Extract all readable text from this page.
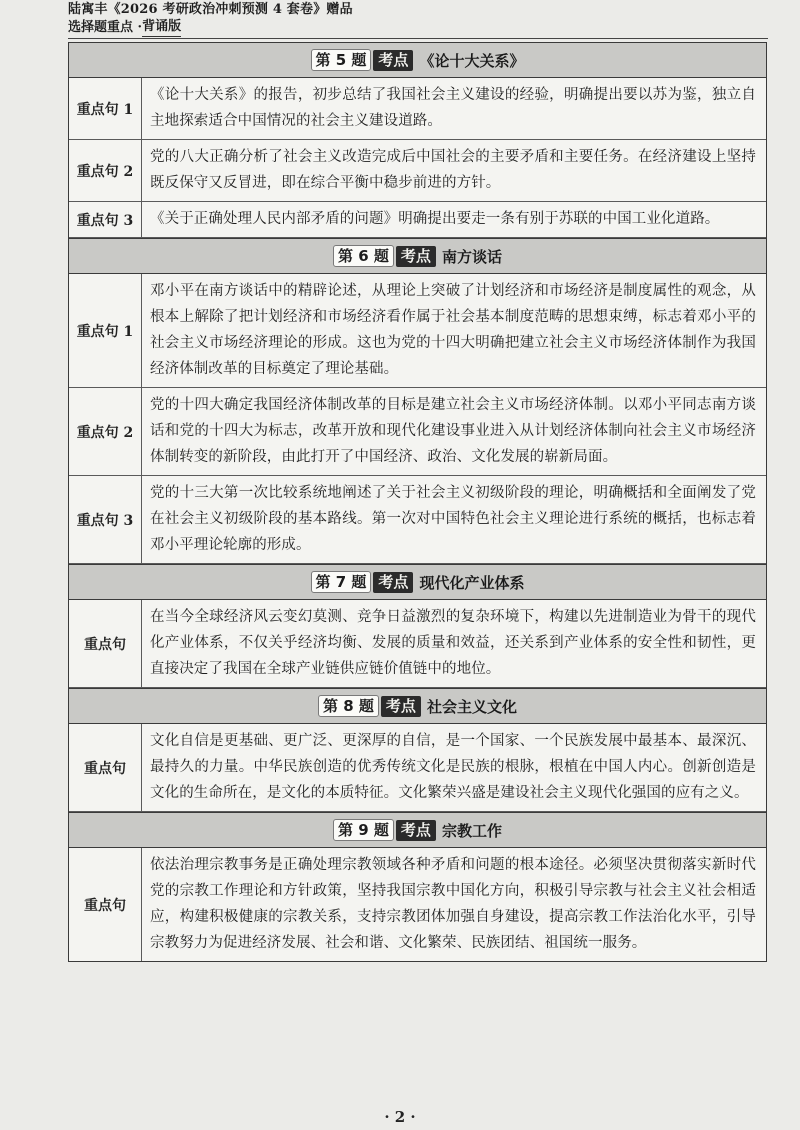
陆寓丰《2026 考研政治冲刺预测 4 套卷》赠品
选择题重点 · 背诵版
第 5 题 考点 《论十大关系》
重点句 1
《论十大关系》的报告，初步总结了我国社会主义建设的经验，明确提出要以苏为鉴，独立自主地探索适合中国情况的社会主义建设道路。
重点句 2
党的八大正确分析了社会主义改造完成后中国社会的主要矛盾和主要任务。在经济建设上坚持既反保守又反冒进，即在综合平衡中稳步前进的方针。
重点句 3	《关于正确处理人民内部矛盾的问题》明确提出要走一条有别于苏联的中国工业化道路。
第 6 题 考点 南方谈话
重点句 1
邓小平在南方谈话中的精辟论述，从理论上突破了计划经济和市场经济是制度属性的观念，从根本上解除了把计划经济和市场经济看作属于社会基本制度范畴的思想束缚，标志着邓小平的社会主义市场经济理论的形成。这也为党的十四大明确把建立社会主义市场经济体制作为我国经济体制改革的目标奠定了理论基础。
重点句 2
党的十四大确定我国经济体制改革的目标是建立社会主义市场经济体制。以邓小平同志南方谈话和党的十四大为标志，改革开放和现代化建设事业进入从计划经济体制向社会主义市场经济体制转变的新阶段，由此打开了中国经济、政治、文化发展的崭新局面。
重点句 3
党的十三大第一次比较系统地阐述了关于社会主义初级阶段的理论，明确概括和全面阐发了党在社会主义初级阶段的基本路线。第一次对中国特色社会主义理论进行系统的概括，也标志着邓小平理论轮廓的形成。
第 7 题 考点 现代化产业体系
重点句
在当今全球经济风云变幻莫测、竞争日益激烈的复杂环境下，构建以先进制造业为骨干的现代化产业体系，不仅关乎经济均衡、发展的质量和效益，还关系到产业体系的安全性和韧性，更直接决定了我国在全球产业链供应链价值链中的地位。
第 8 题 考点 社会主义文化
重点句
文化自信是更基础、更广泛、更深厚的自信，是一个国家、一个民族发展中最基本、最深沉、最持久的力量。中华民族创造的优秀传统文化是民族的根脉，根植在中国人内心。创新创造是文化的生命所在，是文化的本质特征。文化繁荣兴盛是建设社会主义现代化强国的应有之义。
第 9 题 考点 宗教工作
重点句
依法治理宗教事务是正确处理宗教领域各种矛盾和问题的根本途径。必须坚决贯彻落实新时代党的宗教工作理论和方针政策，坚持我国宗教中国化方向，积极引导宗教与社会主义社会相适应，构建积极健康的宗教关系，支持宗教团体加强自身建设，提高宗教工作法治化水平，引导宗教努力为促进经济发展、社会和谐、文化繁荣、民族团结、祖国统一服务。
· 2 ·
